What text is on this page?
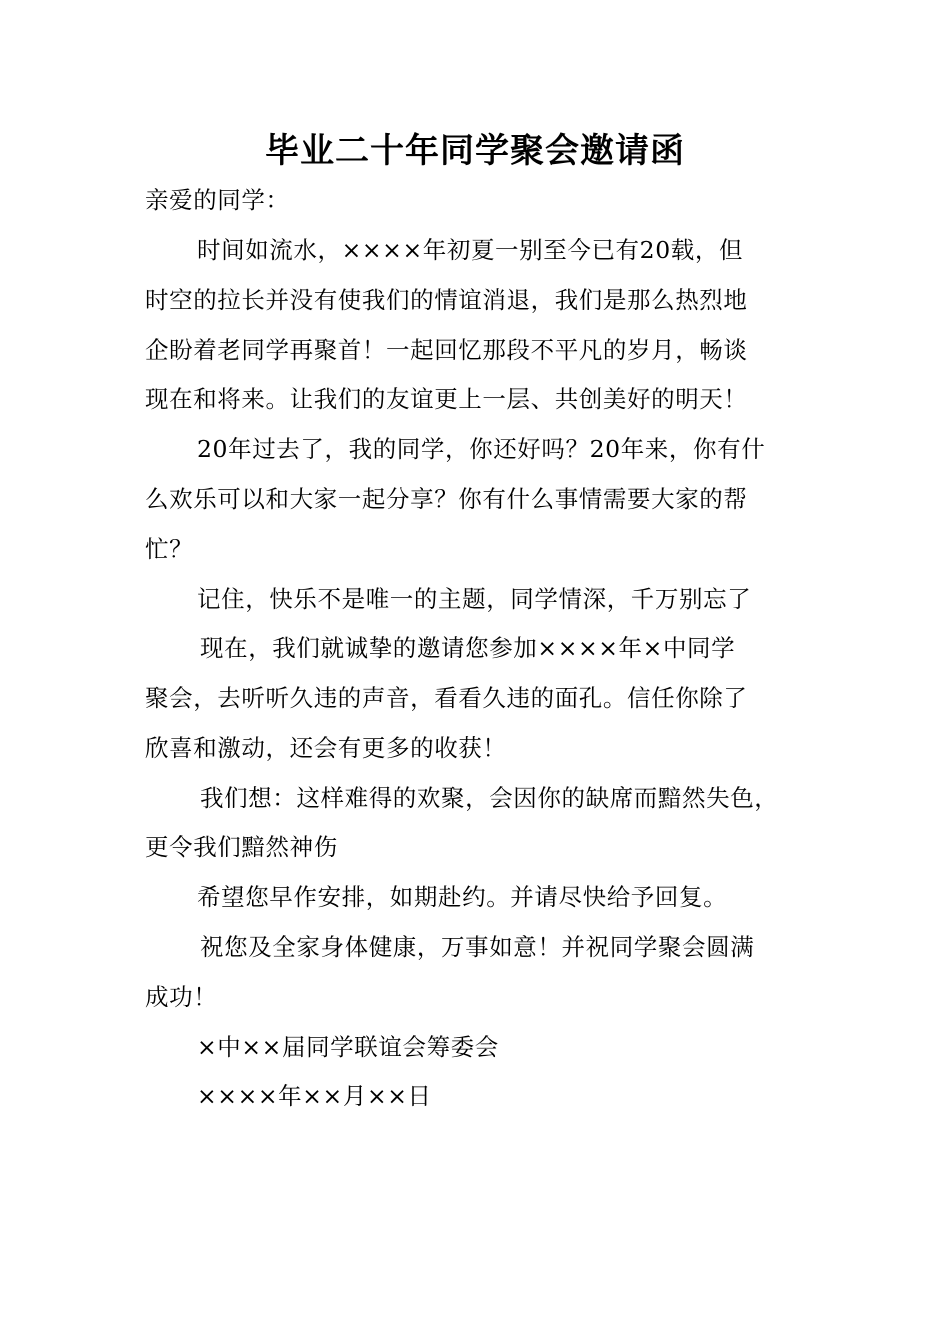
毕业二十年同学聚会邀请函
亲爱的同学：
时间如流水，××××年初夏一别至今已有20载，但
时空的拉长并没有使我们的情谊消退，我们是那么热烈地
企盼着老同学再聚首！一起回忆那段不平凡的岁月，畅谈
现在和将来。让我们的友谊更上一层、共创美好的明天！
20年过去了，我的同学，你还好吗？20年来，你有什
么欢乐可以和大家一起分享？你有什么事情需要大家的帮
忙？
记住，快乐不是唯一的主题，同学情深，千万别忘了
现在，我们就诚挚的邀请您参加××××年×中同学
聚会，去听听久违的声音，看看久违的面孔。信任你除了
欣喜和激动，还会有更多的收获！
我们想：这样难得的欢聚，会因你的缺席而黯然失色，
更令我们黯然神伤
希望您早作安排，如期赴约。并请尽快给予回复。
祝您及全家身体健康，万事如意！并祝同学聚会圆满
成功！
×中××届同学联谊会筹委会
××××年××月××日
